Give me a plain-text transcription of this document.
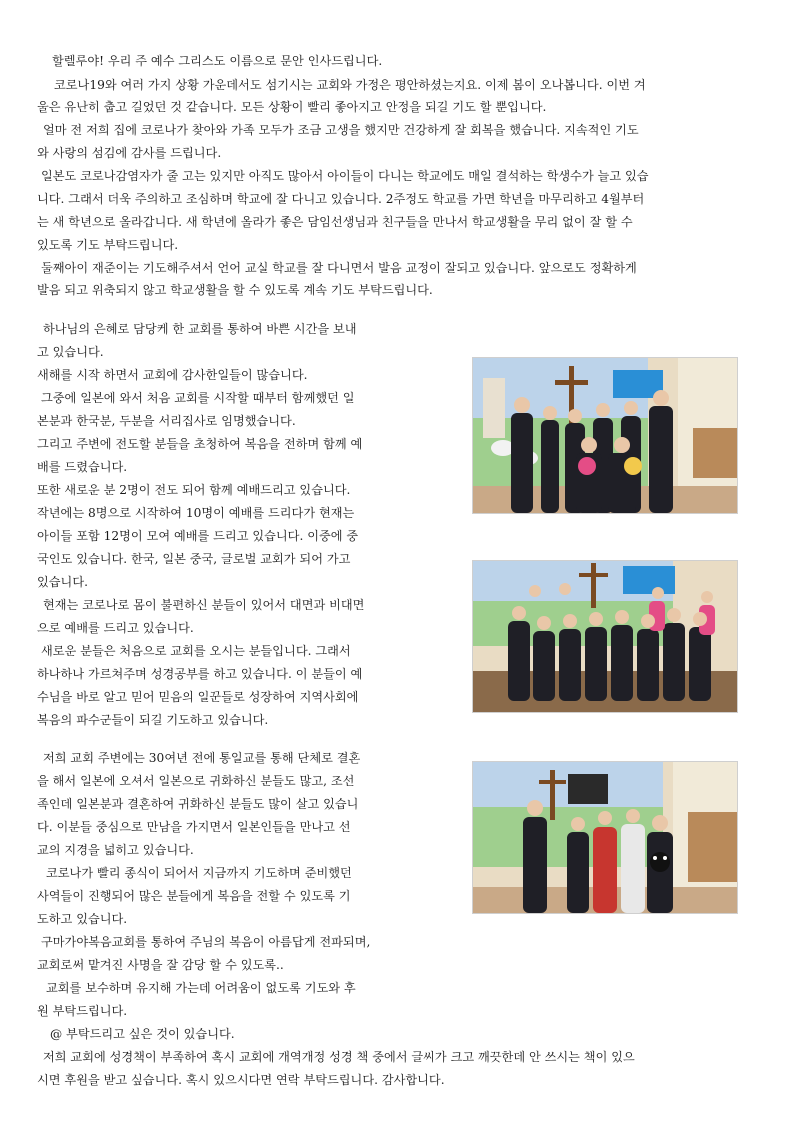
할렐루야! 우리 주 예수 그리스도 이름으로 문안 인사드립니다.
코로나19와 여러 가지 상황 가운데서도 섬기시는 교회와 가정은 평안하셨는지요. 이제 봄이 오나봅니다. 이번 겨
울은 유난히 춥고 길었던 것 같습니다. 모든 상황이 빨리 좋아지고 안정을 되길 기도 할 뿐입니다.
얼마 전 저희 집에 코로나가 찾아와 가족 모두가 조금 고생을 했지만 건강하게 잘 회복을 했습니다. 지속적인 기도
와 사랑의 섬김에 감사를 드립니다.
일본도 코로나감염자가 줄 고는 있지만 아직도 많아서 아이들이 다니는 학교에도 매일 결석하는 학생수가 늘고 있습
니다. 그래서 더욱 주의하고 조심하며 학교에 잘 다니고 있습니다. 2주정도 학교를 가면 학년을 마무리하고 4월부터
는 새 학년으로 올라갑니다. 새 학년에 올라가 좋은 담임선생님과 친구들을 만나서 학교생활을 무리 없이 잘 할 수
있도록 기도 부탁드립니다.
둘째아이 재준이는 기도해주셔서 언어 교실 학교를 잘 다니면서 발음 교정이 잘되고 있습니다. 앞으로도 정확하게
발음 되고 위축되지 않고 학교생활을 할 수 있도록 계속 기도 부탁드립니다.
하나님의 은혜로 담당케 한 교회를 통하여 바쁜 시간을 보내
고 있습니다.
새해를 시작 하면서 교회에 감사한일들이 많습니다.
그중에 일본에 와서 처음 교회를 시작할 때부터 함께했던 일
본분과 한국분, 두분을 서리집사로 임명했습니다.
그리고 주변에 전도할 분들을 초청하여 복음을 전하며 함께 예
배를 드렸습니다.
또한 새로운 분 2명이 전도 되어 함께 예배드리고 있습니다.
작년에는 8명으로 시작하여 10명이 예배를 드리다가 현재는
아이들 포함 12명이 모여 예배를 드리고 있습니다. 이중에 중
국인도 있습니다. 한국, 일본 중국, 글로벌 교회가 되어 가고
있습니다.
현재는 코로나로 몸이 불편하신 분들이 있어서 대면과 비대면
으로 예배를 드리고 있습니다.
새로운 분들은 처음으로 교회를 오시는 분들입니다. 그래서
하나하나 가르쳐주며 성경공부를 하고 있습니다. 이 분들이 예
수님을 바로 알고 믿어 믿음의 일꾼들로 성장하여 지역사회에
복음의 파수군들이 되길 기도하고 있습니다.
저희 교회 주변에는 30여년 전에 통일교를 통해 단체로 결혼
을 해서 일본에 오셔서 일본으로 귀화하신 분들도 많고, 조선
족인데 일본분과 결혼하여 귀화하신 분들도 많이 살고 있습니
다. 이분들 중심으로 만남을 가지면서 일본인들을 만나고 선
교의 지경을 넓히고 있습니다.
코로나가 빨리 종식이 되어서 지금까지 기도하며 준비했던
사역들이 진행되어 많은 분들에게 복음을 전할 수 있도록 기
도하고 있습니다.
구마가야복음교회를 통하여 주님의 복음이 아름답게 전파되며,
교회로써 맡겨진 사명을 잘 감당 할 수 있도록..
교회를 보수하며 유지해 가는데 어려움이 없도록 기도와 후
원 부탁드립니다.
@ 부탁드리고 싶은 것이 있습니다.
저희 교회에 성경책이 부족하여 혹시 교회에 개역개정 성경 책 중에서 글씨가 크고 깨끗한데 안 쓰시는 책이 있으
시면 후원을 받고 싶습니다. 혹시 있으시다면 연락 부탁드립니다. 감사합니다.
